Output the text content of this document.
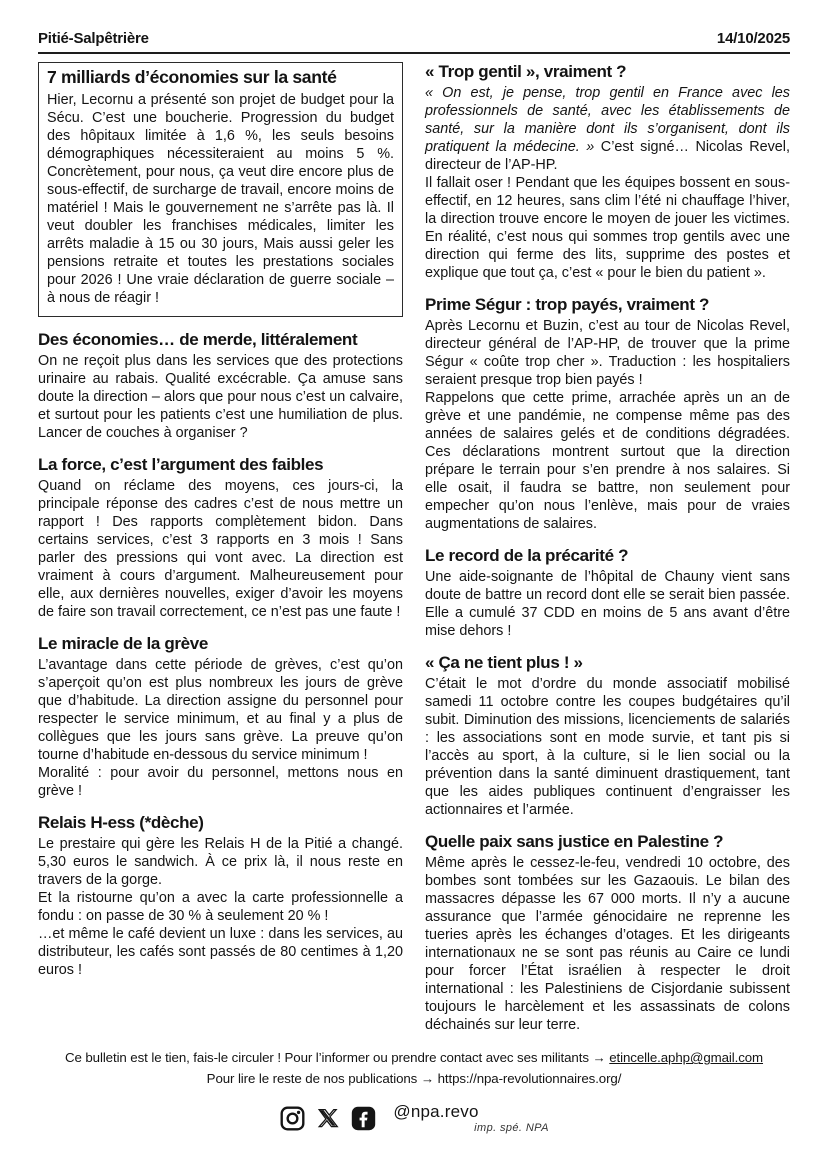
Pitié-Salpêtrière	14/10/2025
7 milliards d’économies sur la santé

Hier, Lecornu a présenté son projet de budget pour la Sécu. C’est une boucherie. Progression du budget des hôpitaux limitée à 1,6 %, les seuls besoins démographiques nécessiteraient au moins 5 %. Concrètement, pour nous, ça veut dire encore plus de sous-effectif, de surcharge de travail, encore moins de matériel ! Mais le gouvernement ne s’arrête pas là. Il veut doubler les franchises médicales, limiter les arrêts maladie à 15 ou 30 jours, Mais aussi geler les pensions retraite et toutes les prestations sociales pour 2026 ! Une vraie déclaration de guerre sociale – à nous de réagir !

Des économies… de merde, littéralement

On ne reçoit plus dans les services que des protections urinaire au rabais. Qualité excécrable. Ça amuse sans doute la direction – alors que pour nous c’est un calvaire, et surtout pour les patients c’est une humiliation de plus. Lancer de couches à organiser ?

La force, c’est l’argument des faibles

Quand on réclame des moyens, ces jours-ci, la principale réponse des cadres c’est de nous mettre un rapport ! Des rapports complètement bidon. Dans certains services, c’est 3 rapports en 3 mois ! Sans parler des pressions qui vont avec. La direction est vraiment à cours d’argument. Malheureusement pour elle, aux dernières nouvelles, exiger d’avoir les moyens de faire son travail correctement, ce n’est pas une faute !

Le miracle de la grève

L’avantage dans cette période de grèves, c’est qu’on s’aperçoit qu’on est plus nombreux les jours de grève que d’habitude. La direction assigne du personnel pour respecter le service minimum, et au final y a plus de collègues que les jours sans grève. La preuve qu’on tourne d’habitude en-dessous du service minimum !

Moralité : pour avoir du personnel, mettons nous en grève !

Relais H-ess (*dèche)

Le prestaire qui gère les Relais H de la Pitié a changé. 5,30 euros le sandwich. À ce prix là, il nous reste en travers de la gorge.

Et la ristourne qu’on a avec la carte professionnelle a fondu : on passe de 30 % à seulement 20 % !

…et même le café devient un luxe : dans les services, au distributeur, les cafés sont passés de 80 centimes à 1,20 euros !

« Trop gentil », vraiment ?

« On est, je pense, trop gentil en France avec les professionnels de santé, avec les établissements de santé, sur la manière dont ils s’organisent, dont ils pratiquent la médecine. » C’est signé… Nicolas Revel, directeur de l’AP-HP.

Il fallait oser ! Pendant que les équipes bossent en sous-effectif, en 12 heures, sans clim l’été ni chauffage l’hiver, la direction trouve encore le moyen de jouer les victimes. En réalité, c’est nous qui sommes trop gentils avec une direction qui ferme des lits, supprime des postes et explique que tout ça, c’est « pour le bien du patient ».

Prime Ségur : trop payés, vraiment ?

Après Lecornu et Buzin, c’est au tour de Nicolas Revel, directeur général de l’AP-HP, de trouver que la prime Ségur « coûte trop cher ». Traduction : les hospitaliers seraient presque trop bien payés !

Rappelons que cette prime, arrachée après un an de grève et une pandémie, ne compense même pas des années de salaires gelés et de conditions dégradées. Ces déclarations montrent surtout que la direction prépare le terrain pour s’en prendre à nos salaires. Si elle osait, il faudra se battre, non seulement pour empecher qu’on nous l’enlève, mais pour de vraies augmentations de salaires.

Le record de la précarité ?

Une aide-soignante de l’hôpital de Chauny vient sans doute de battre un record dont elle se serait bien passée. Elle a cumulé 37 CDD en moins de 5 ans avant d’être mise dehors !

« Ça ne tient plus ! »

C’était le mot d’ordre du monde associatif mobilisé samedi 11 octobre contre les coupes budgétaires qu’il subit. Diminution des missions, licenciements de salariés : les associations sont en mode survie, et tant pis si l’accès au sport, à la culture, si le lien social ou la prévention dans la santé diminuent drastiquement, tant que les aides publiques continuent d’engraisser les actionnaires et l’armée.

Quelle paix sans justice en Palestine ?

Même après le cessez-le-feu, vendredi 10 octobre, des bombes sont tombées sur les Gazaouis. Le bilan des massacres dépasse les 67 000 morts. Il n’y a aucune assurance que l’armée génocidaire ne reprenne les tueries après les échanges d’otages. Et les dirigeants internationaux ne se sont pas réunis au Caire ce lundi pour forcer l’État israélien à respecter le droit international : les Palestiniens de Cisjordanie subissent toujours le harcèlement et les assassinats de colons déchainés sur leur terre.

Ce bulletin est le tien, fais-le circuler ! Pour l’informer ou prendre contact avec ses militants → etincelle.aphp@gmail.com

Pour lire le reste de nos publications → https://npa-revolutionnaires.org/

@npa.revo
imp. spé. NPA
